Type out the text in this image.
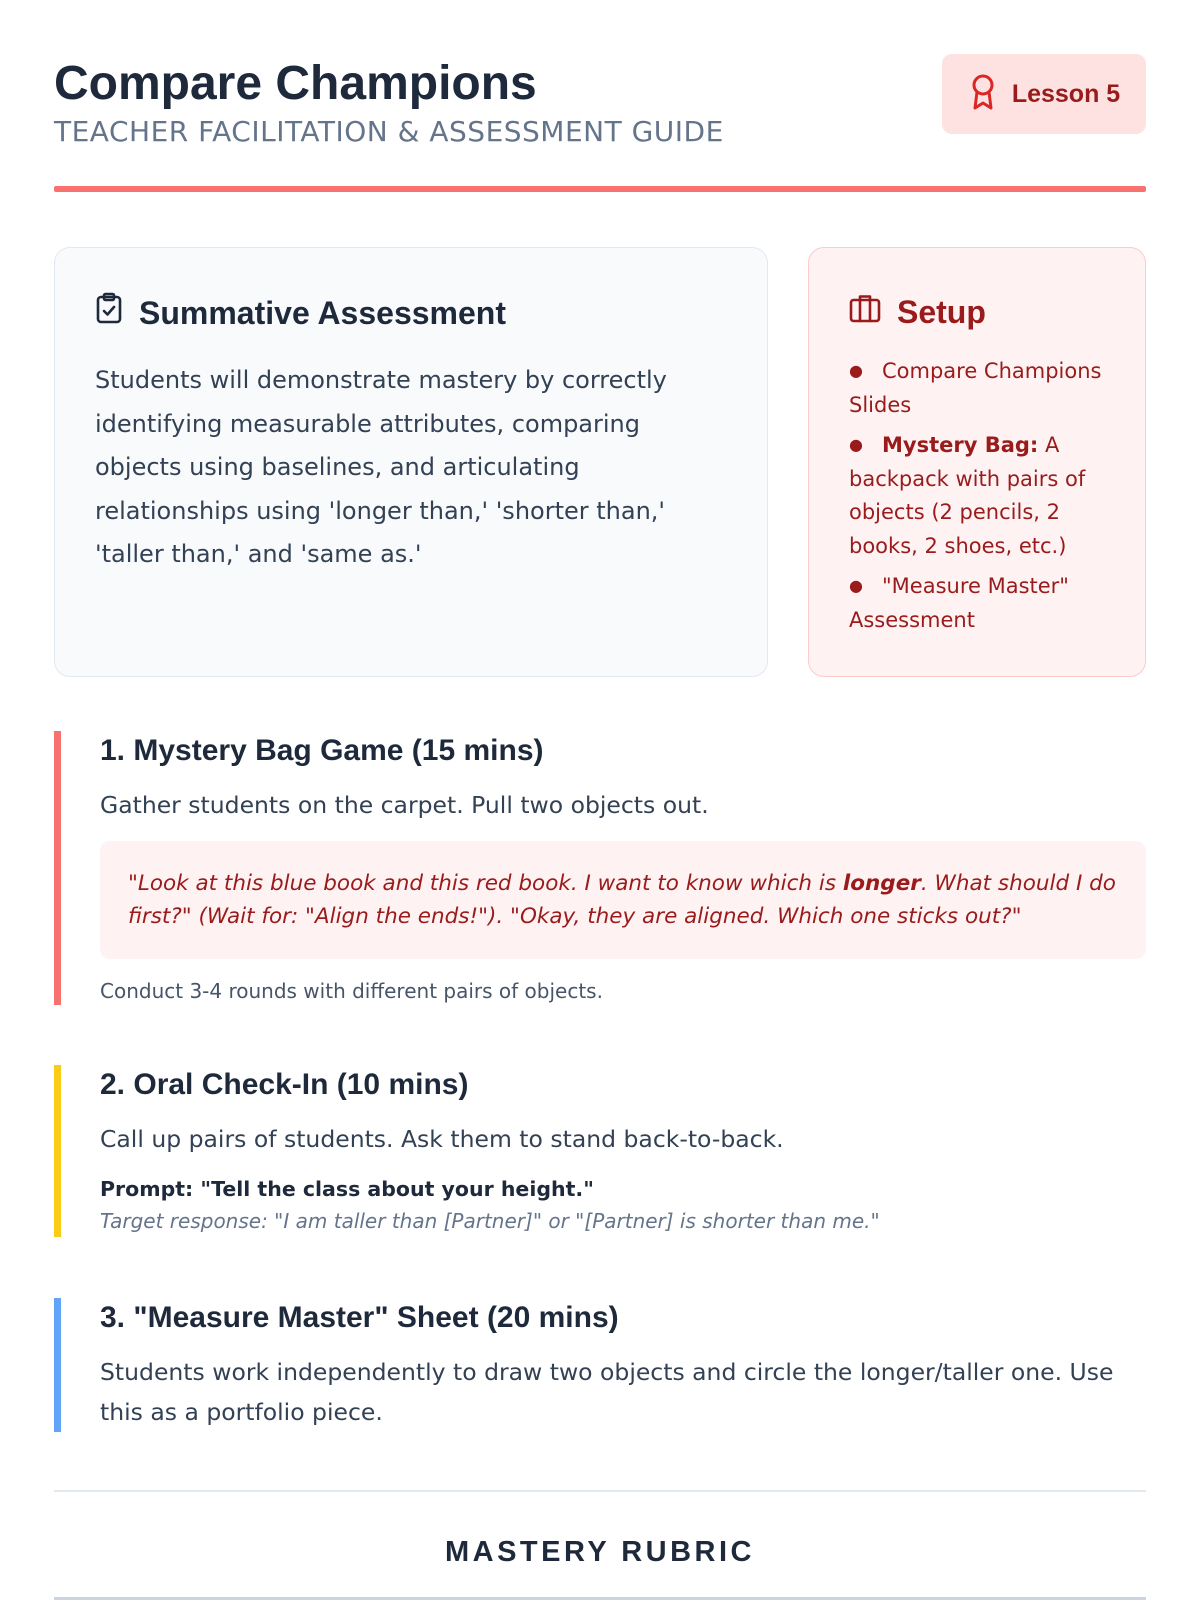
Compare Champions
TEACHER FACILITATION & ASSESSMENT GUIDE
Lesson 5
Summative Assessment

Students will demonstrate mastery by correctly identifying measurable attributes, comparing objects using baselines, and articulating relationships using 'longer than,' 'shorter than,' 'taller than,' and 'same as.'

Setup
● Compare Champions Slides
● Mystery Bag: A backpack with pairs of objects (2 pencils, 2 books, 2 shoes, etc.)
● "Measure Master" Assessment
1. Mystery Bag Game (15 mins)

Gather students on the carpet. Pull two objects out.

"Look at this blue book and this red book. I want to know which is longer. What should I do first?" (Wait for: "Align the ends!"). "Okay, they are aligned. Which one sticks out?"

Conduct 3-4 rounds with different pairs of objects.

2. Oral Check-In (10 mins)

Call up pairs of students. Ask them to stand back-to-back.

Prompt: "Tell the class about your height."

Target response: "I am taller than [Partner]" or "[Partner] is shorter than me."

3. "Measure Master" Sheet (20 mins)

Students work independently to draw two objects and circle the longer/taller one. Use this as a portfolio piece.

MASTERY RUBRIC
